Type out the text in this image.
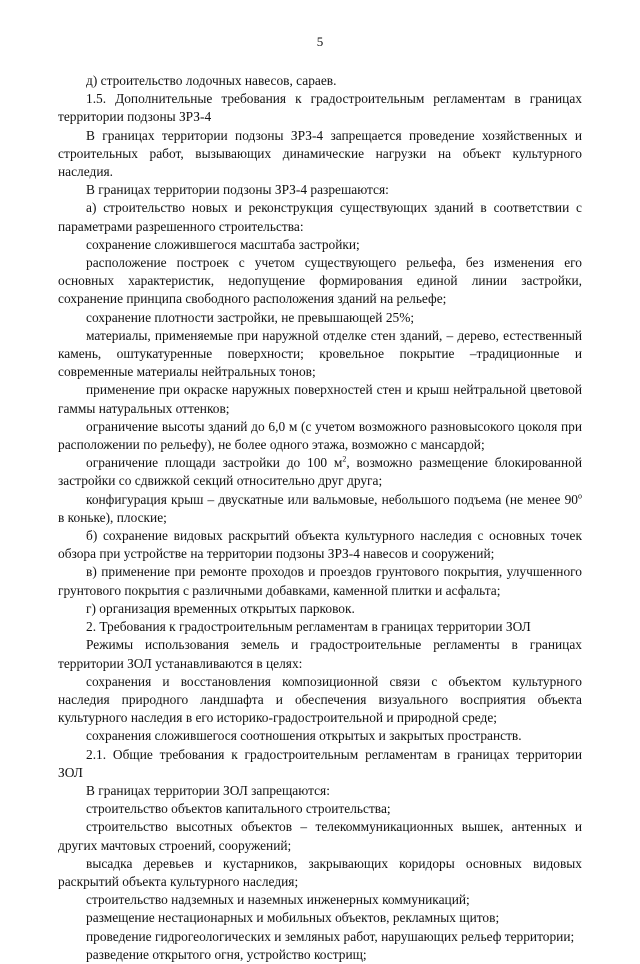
5

д) строительство лодочных навесов, сараев.

1.5. Дополнительные требования к градостроительным регламентам в границах территории подзоны ЗРЗ-4

В границах территории подзоны ЗРЗ-4 запрещается проведение хозяйственных и строительных работ, вызывающих динамические нагрузки на объект культурного наследия.

В границах территории подзоны ЗРЗ-4 разрешаются:

а) строительство новых и реконструкция существующих зданий в соответствии с параметрами разрешенного строительства:

сохранение сложившегося масштаба застройки;

расположение построек с учетом существующего рельефа, без изменения его основных характеристик, недопущение формирования единой линии застройки, сохранение принципа свободного расположения зданий на рельефе;

сохранение плотности застройки, не превышающей 25%;

материалы, применяемые при наружной отделке стен зданий, – дерево, естественный камень, оштукатуренные поверхности; кровельное покрытие –традиционные и современные материалы нейтральных тонов;

применение при окраске наружных поверхностей стен и крыш нейтральной цветовой гаммы натуральных оттенков;

ограничение высоты зданий до 6,0 м (с учетом возможного разновысокого цоколя при расположении по рельефу), не более одного этажа, возможно с мансардой;

ограничение площади застройки до 100 $м^2$, возможно размещение блокированной застройки со сдвижкой секций относительно друг друга;

конфигурация крыш – двускатные или вальмовые, небольшого подъема (не менее $90^о$ в коньке), плоские;

б) сохранение видовых раскрытий объекта культурного наследия с основных точек обзора при устройстве на территории подзоны ЗРЗ-4 навесов и сооружений;

в) применение при ремонте проходов и проездов грунтового покрытия, улучшенного грунтового покрытия с различными добавками, каменной плитки и асфальта;

г) организация временных открытых парковок.

2. Требования к градостроительным регламентам в границах территории ЗОЛ

Режимы использования земель и градостроительные регламенты в границах территории ЗОЛ устанавливаются в целях:

сохранения и восстановления композиционной связи с объектом культурного наследия природного ландшафта и обеспечения визуального восприятия объекта культурного наследия в его историко-градостроительной и природной среде;

сохранения сложившегося соотношения открытых и закрытых пространств.

2.1. Общие требования к градостроительным регламентам в границах территории ЗОЛ

В границах территории ЗОЛ запрещаются:

строительство объектов капитального строительства;

строительство высотных объектов – телекоммуникационных вышек, антенных и других мачтовых строений, сооружений;

высадка деревьев и кустарников, закрывающих коридоры основных видовых раскрытий объекта культурного наследия;

строительство надземных и наземных инженерных коммуникаций;

размещение нестационарных и мобильных объектов, рекламных щитов;

проведение гидрогеологических и земляных работ, нарушающих рельеф территории;

разведение открытого огня, устройство кострищ;
